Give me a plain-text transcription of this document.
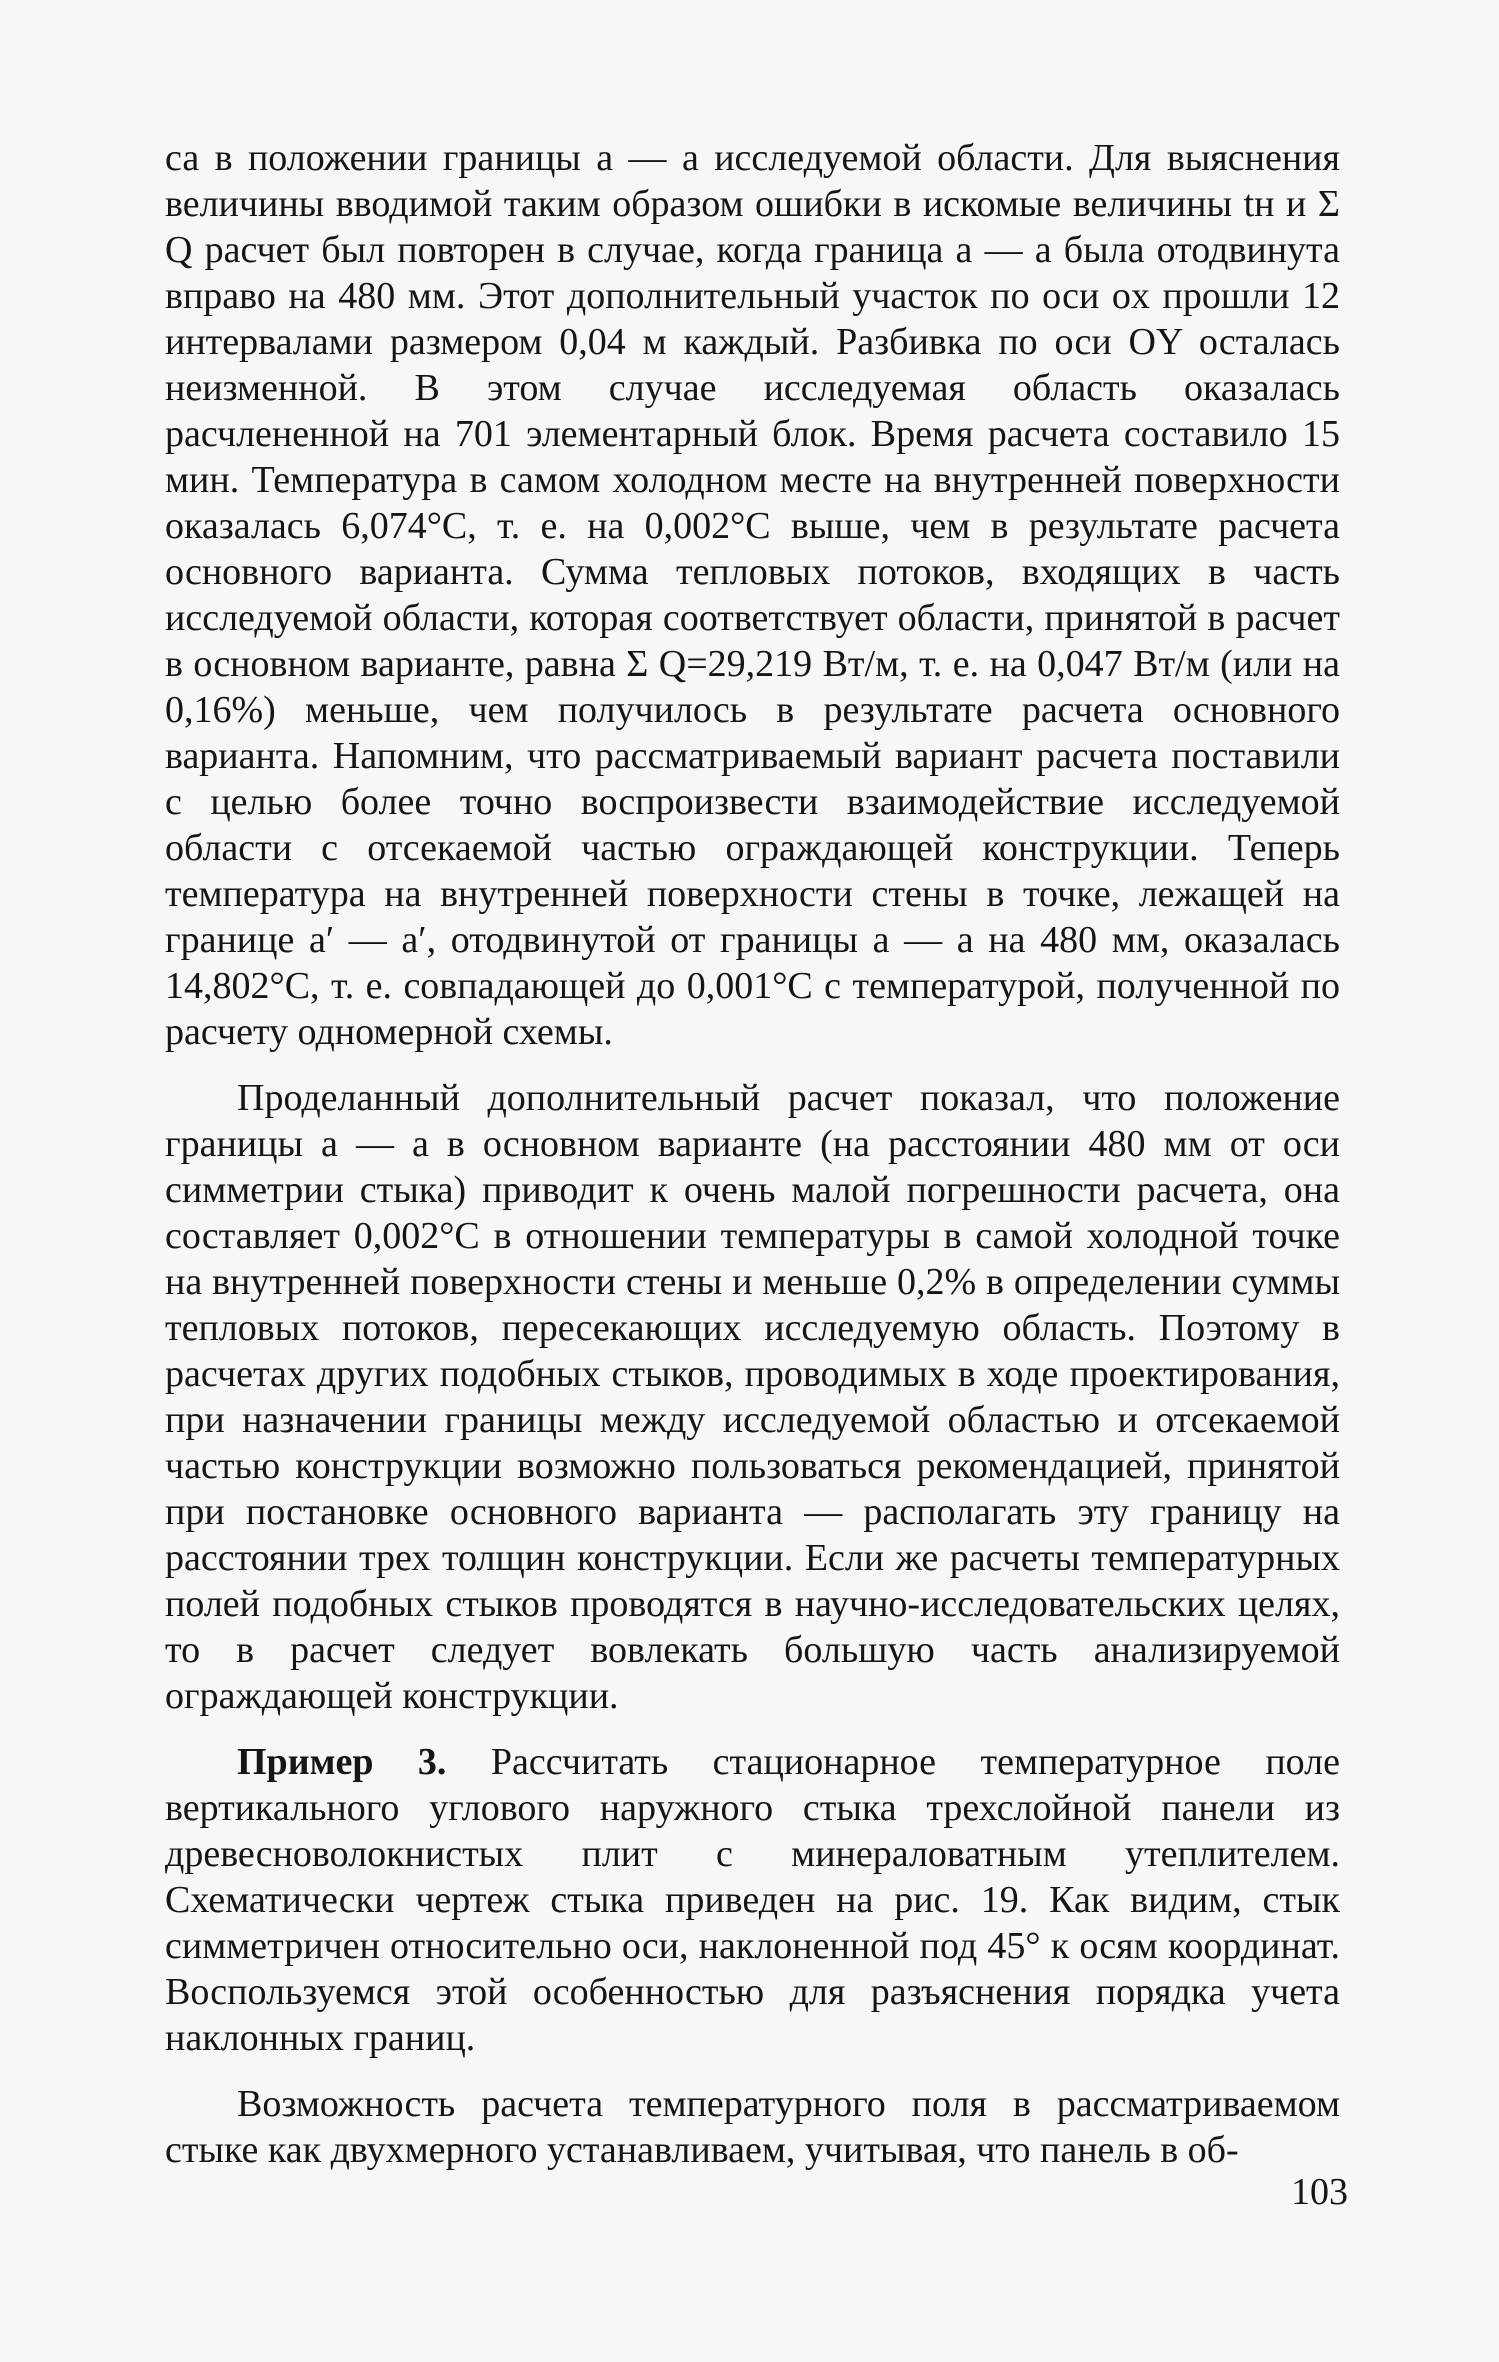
са в положении границы a — a исследуемой области. Для выяснения величины вводимой таким образом ошибки в искомые величины tн и Σ Q расчет был повторен в случае, когда граница a — a была отодвинута вправо на 480 мм. Этот дополнительный участок по оси ox прошли 12 интервалами размером 0,04 м каждый. Разбивка по оси OY осталась неизменной. В этом случае исследуемая область оказалась расчлененной на 701 элементарный блок. Время расчета составило 15 мин. Температура в самом холодном месте на внутренней поверхности оказалась 6,074°С, т. е. на 0,002°С выше, чем в результате расчета основного варианта. Сумма тепловых потоков, входящих в часть исследуемой области, которая соответствует области, принятой в расчет в основном варианте, равна Σ Q=29,219 Вт/м, т. е. на 0,047 Вт/м (или на 0,16%) меньше, чем получилось в результате расчета основного варианта. Напомним, что рассматриваемый вариант расчета поставили с целью более точно воспроизвести взаимодействие исследуемой области с отсекаемой частью ограждающей конструкции. Теперь температура на внутренней поверхности стены в точке, лежащей на границе a′ — a′, отодвинутой от границы a — a на 480 мм, оказалась 14,802°С, т. е. совпадающей до 0,001°С с температурой, полученной по расчету одномерной схемы.

Проделанный дополнительный расчет показал, что положение границы a — a в основном варианте (на расстоянии 480 мм от оси симметрии стыка) приводит к очень малой погрешности расчета, она составляет 0,002°С в отношении температуры в самой холодной точке на внутренней поверхности стены и меньше 0,2% в определении суммы тепловых потоков, пересекающих исследуемую область. Поэтому в расчетах других подобных стыков, проводимых в ходе проектирования, при назначении границы между исследуемой областью и отсекаемой частью конструкции возможно пользоваться рекомендацией, принятой при постановке основного варианта — располагать эту границу на расстоянии трех толщин конструкции. Если же расчеты температурных полей подобных стыков проводятся в научно-исследовательских целях, то в расчет следует вовлекать большую часть анализируемой ограждающей конструкции.

Пример 3. Рассчитать стационарное температурное поле вертикального углового наружного стыка трехслойной панели из древесноволокнистых плит с минераловатным утеплителем. Схематически чертеж стыка приведен на рис. 19. Как видим, стык симметричен относительно оси, наклоненной под 45° к осям координат. Воспользуемся этой особенностью для разъяснения порядка учета наклонных границ.

Возможность расчета температурного поля в рассматриваемом стыке как двухмерного устанавливаем, учитывая, что панель в об-

103
